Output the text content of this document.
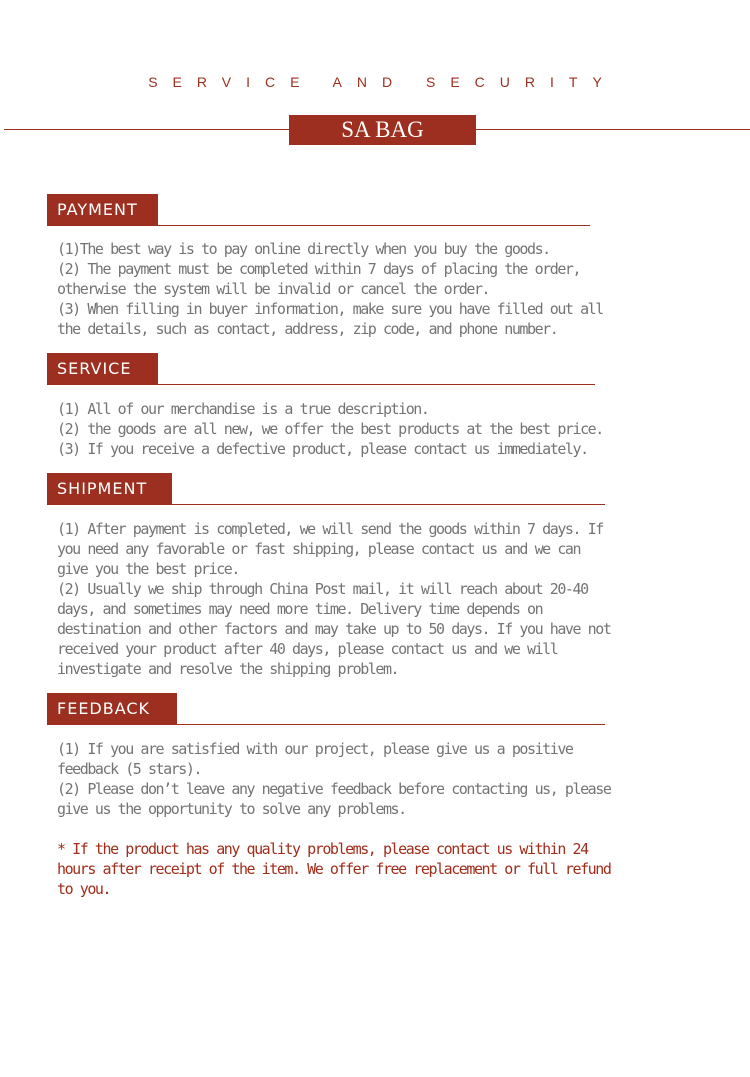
SERVICE AND SECURITY
SA BAG
PAYMENT

(1)The best way is to pay online directly when you buy the goods.

(2) The payment must be completed within 7 days of placing the order,

otherwise the system will be invalid or cancel the order.

(3) When filling in buyer information, make sure you have filled out all

the details, such as contact, address, zip code, and phone number.

SERVICE

(1) All of our merchandise is a true description.

(2) the goods are all new, we offer the best products at the best price.

(3) If you receive a defective product, please contact us immediately.

SHIPMENT

(1) After payment is completed, we will send the goods within 7 days. If

you need any favorable or fast shipping, please contact us and we can

give you the best price.

(2) Usually we ship through China Post mail, it will reach about 20-40

days, and sometimes may need more time. Delivery time depends on

destination and other factors and may take up to 50 days. If you have not

received your product after 40 days, please contact us and we will

investigate and resolve the shipping problem.

FEEDBACK

(1) If you are satisfied with our project, please give us a positive

feedback (5 stars).

(2) Please don’t leave any negative feedback before contacting us, please

give us the opportunity to solve any problems.

* If the product has any quality problems, please contact us within 24

hours after receipt of the item. We offer free replacement or full refund

to you.
